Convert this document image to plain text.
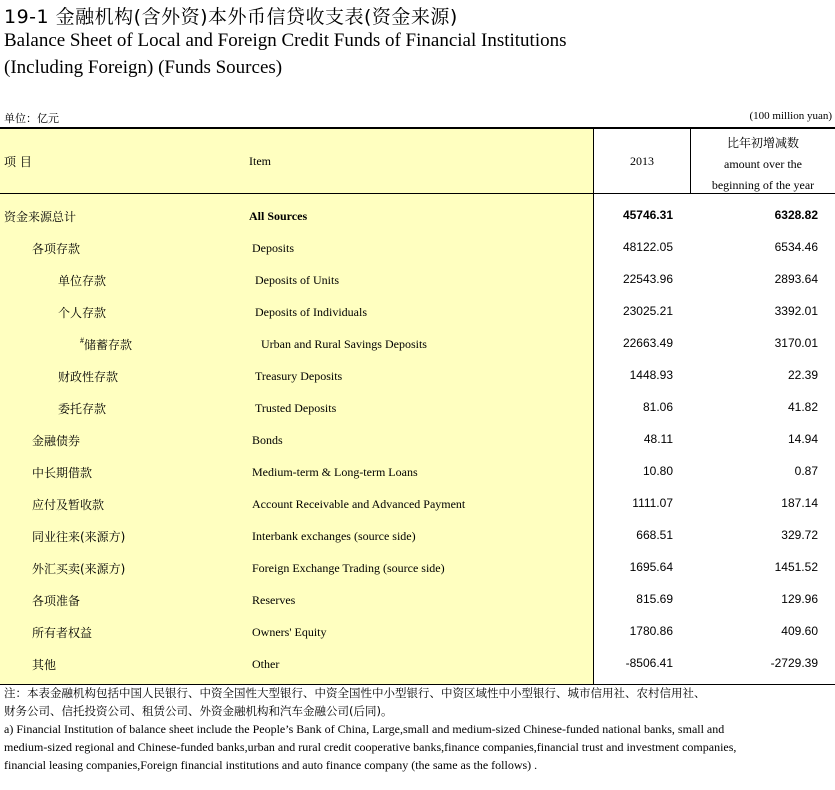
19-1 金融机构(含外资)本外币信贷收支表(资金来源)
Balance Sheet of Local and Foreign Credit Funds of Financial Institutions
(Including Foreign) (Funds Sources)
单位：亿元	(100 million yuan)
项 目	Item	2013
比年初增减数
amount over the
beginning of the year
资金来源总计	All Sources	45746.31	6328.82
各项存款	Deposits	48122.05	6534.46
单位存款	Deposits of Units	22543.96	2893.64
个人存款	Deposits of Individuals	23025.21	3392.01
#储蓄存款	Urban and Rural Savings Deposits	22663.49	3170.01
财政性存款	Treasury Deposits	1448.93	22.39
委托存款	Trusted Deposits	81.06	41.82
金融债券	Bonds	48.11	14.94
中长期借款	Medium-term & Long-term Loans	10.80	0.87
应付及暂收款	Account Receivable and Advanced Payment	1111.07	187.14
同业往来(来源方)	Interbank exchanges (source side)	668.51	329.72
外汇买卖(来源方)	Foreign Exchange Trading (source side)	1695.64	1451.52
各项准备	Reserves	815.69	129.96
所有者权益	Owners' Equity	1780.86	409.60
其他	Other	-8506.41	-2729.39
注：本表金融机构包括中国人民银行、中资全国性大型银行、中资全国性中小型银行、中资区域性中小型银行、城市信用社、农村信用社、
财务公司、信托投资公司、租赁公司、外资金融机构和汽车金融公司(后同)。
a) Financial Institution of balance sheet include the People’s Bank of China, Large,small and medium-sized Chinese-funded national banks, small and
medium-sized regional and Chinese-funded banks,urban and rural credit cooperative banks,finance companies,financial trust and investment companies,
financial leasing companies,Foreign financial institutions and auto finance company (the same as the follows) .
